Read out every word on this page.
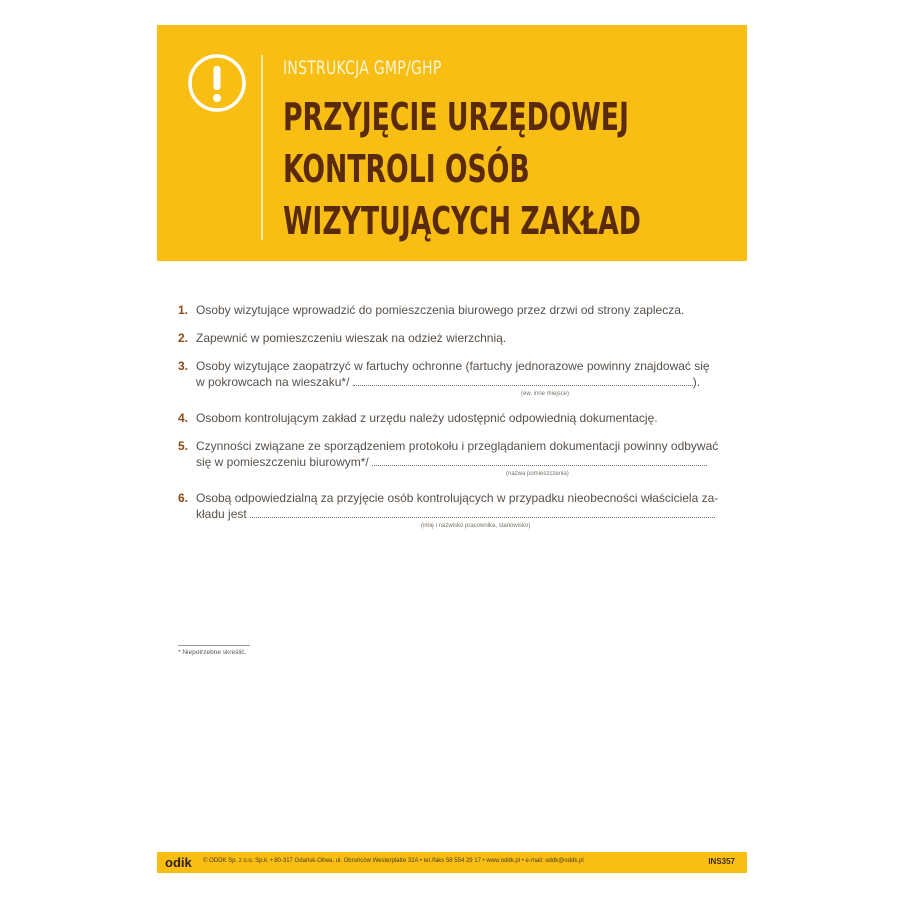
INSTRUKCJA GMP/GHP
PRZYJĘCIE URZĘDOWEJ
KONTROLI OSÓB
WIZYTUJĄCYCH ZAKŁAD
1. Osoby wizytujące wprowadzić do pomieszczenia biurowego przez drzwi od strony zaplecza.
2. Zapewnić w pomieszczeniu wieszak na odzież wierzchnią.
3. Osoby wizytujące zaopatrzyć w fartuchy ochronne (fartuchy jednorazowe powinny znajdować się
w pokrowcach na wieszaku*/	).
(ew. inne miejsce)
4. Osobom kontrolującym zakład z urzędu należy udostępnić odpowiednią dokumentację.
5. Czynności związane ze sporządzeniem protokołu i przeglądaniem dokumentacji powinny odbywać
się w pomieszczeniu biurowym*/
(nazwa pomieszczenia)
6. Osobą odpowiedzialną za przyjęcie osób kontrolujących w przypadku nieobecności właściciela za-
kładu jest
(imię i nazwisko pracownika, stanowisko)
* Niepotrzebne skreślić.
odik © ODDK Sp. z o.o. Sp.k. • 80-317 Gdańsk-Oliwa, ul. Obrońców Westerplatte 32A • tel./faks 58 554 29 17 • www.oddk.pl • e-mail: oddk@oddk.pl	INS357
